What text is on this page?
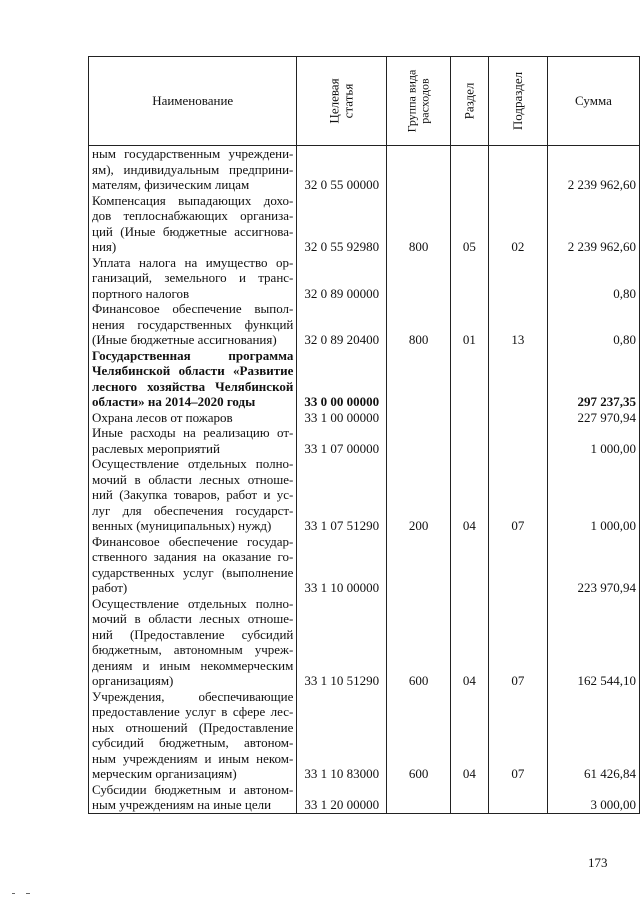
Наименование	Целевая статья	Группа вида расходов	Раздел	Подраздел	Сумма
ным государственным учреждени-					
ям), индивидуальным предприни-					
мателям, физическим лицам	32 0 55 00000				2 239 962,60
Компенсация выпадающих дохо-					
дов теплоснабжающих организа-					
ций (Иные бюджетные ассигнова-					
ния)	32 0 55 92980	800	05	02	2 239 962,60
Уплата налога на имущество ор-					
ганизаций, земельного и транс-					
портного налогов	32 0 89 00000				0,80
Финансовое обеспечение выпол-					
нения государственных функций					
(Иные бюджетные ассигнования)	32 0 89 20400	800	01	13	0,80
Государственная программа					
Челябинской области «Развитие					
лесного хозяйства Челябинской					
области» на 2014–2020 годы	33 0 00 00000				297 237,35
Охрана лесов от пожаров	33 1 00 00000				227 970,94
Иные расходы на реализацию от-					
раслевых мероприятий	33 1 07 00000				1 000,00
Осуществление отдельных полно-					
мочий в области лесных отноше-					
ний (Закупка товаров, работ и ус-					
луг для обеспечения государст-					
венных (муниципальных) нужд)	33 1 07 51290	200	04	07	1 000,00
Финансовое обеспечение государ-					
ственного задания на оказание го-					
сударственных услуг (выполнение					
работ)	33 1 10 00000				223 970,94
Осуществление отдельных полно-					
мочий в области лесных отноше-					
ний (Предоставление субсидий					
бюджетным, автономным учреж-					
дениям и иным некоммерческим					
организациям)	33 1 10 51290	600	04	07	162 544,10
Учреждения, обеспечивающие					
предоставление услуг в сфере лес-					
ных отношений (Предоставление					
субсидий бюджетным, автоном-					
ным учреждениям и иным неком-					
мерческим организациям)	33 1 10 83000	600	04	07	61 426,84
Субсидии бюджетным и автоном-					
ным учреждениям на иные цели	33 1 20 00000				3 000,00
173
